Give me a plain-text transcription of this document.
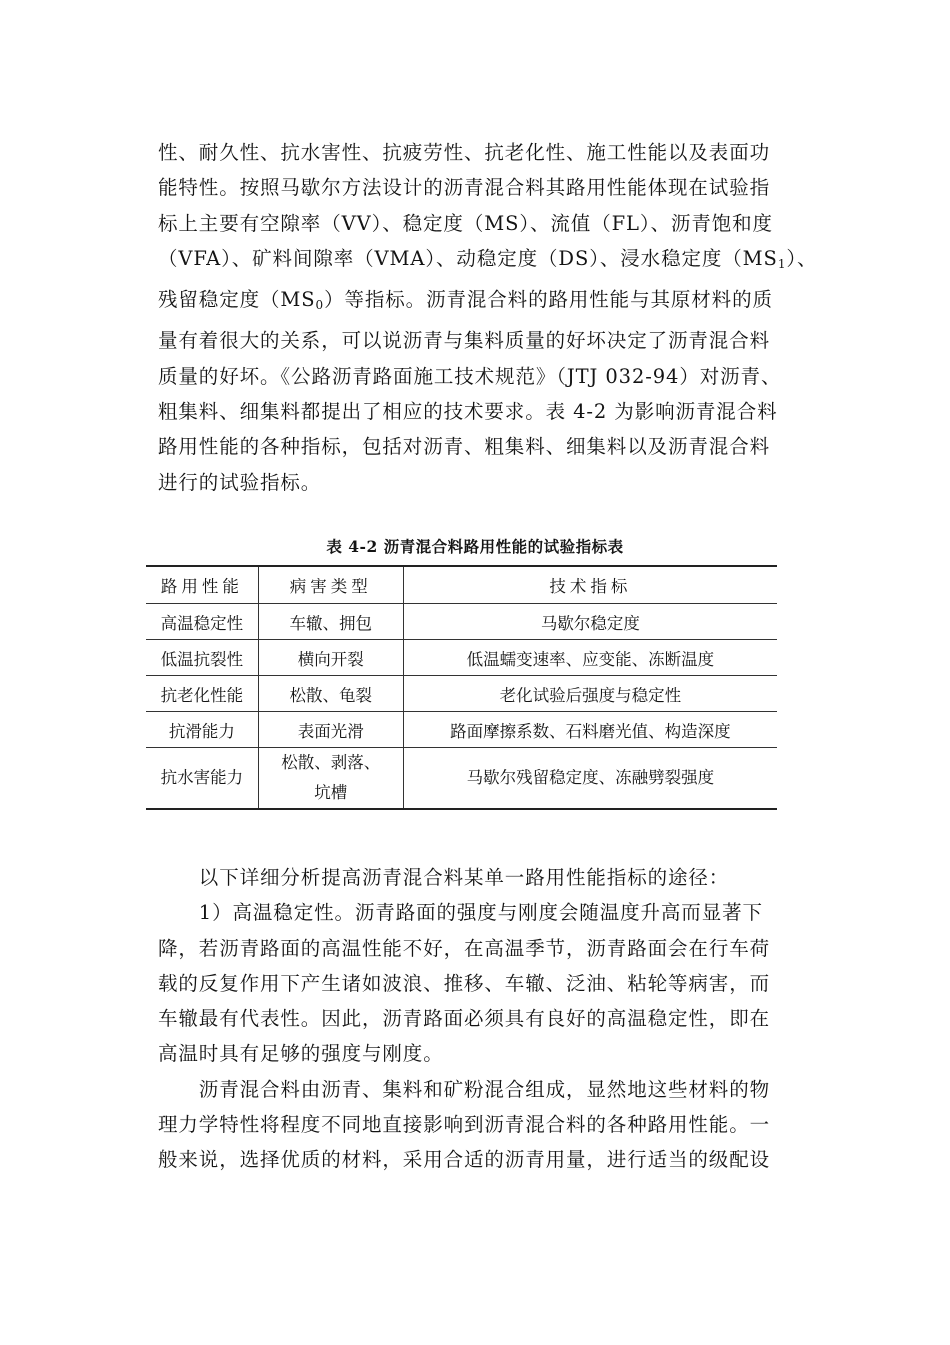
性、耐久性、抗水害性、抗疲劳性、抗老化性、施工性能以及表面功
能特性。按照马歇尔方法设计的沥青混合料其路用性能体现在试验指
标上主要有空隙率（VV）、稳定度（MS）、流值（FL）、沥青饱和度
（VFA）、矿料间隙率（VMA）、动稳定度（DS）、浸水稳定度$(MS_1)$、
残留稳定度$(MS_0)$等指标。沥青混合料的路用性能与其原材料的质
量有着很大的关系，可以说沥青与集料质量的好坏决定了沥青混合料
质量的好坏。《公路沥青路面施工技术规范》（JTJ 032-94）对沥青、
粗集料、细集料都提出了相应的技术要求。表 4-2 为影响沥青混合料
路用性能的各种指标，包括对沥青、粗集料、细集料以及沥青混合料
进行的试验指标。
表 4-2 沥青混合料路用性能的试验指标表
路用性能	病害类型	技术指标
高温稳定性	车辙、拥包	马歇尔稳定度
低温抗裂性	横向开裂	低温蠕变速率、应变能、冻断温度
抗老化性能	松散、龟裂	老化试验后强度与稳定性
抗滑能力	表面光滑	路面摩擦系数、石料磨光值、构造深度
抗水害能力	松散、剥落、
坑槽	马歇尔残留稳定度、冻融劈裂强度
　　以下详细分析提高沥青混合料某单一路用性能指标的途径：
　　1）高温稳定性。沥青路面的强度与刚度会随温度升高而显著下
降，若沥青路面的高温性能不好，在高温季节，沥青路面会在行车荷
载的反复作用下产生诸如波浪、推移、车辙、泛油、粘轮等病害，而
车辙最有代表性。因此，沥青路面必须具有良好的高温稳定性，即在
高温时具有足够的强度与刚度。
　　沥青混合料由沥青、集料和矿粉混合组成，显然地这些材料的物
理力学特性将程度不同地直接影响到沥青混合料的各种路用性能。一
般来说，选择优质的材料，采用合适的沥青用量，进行适当的级配设
